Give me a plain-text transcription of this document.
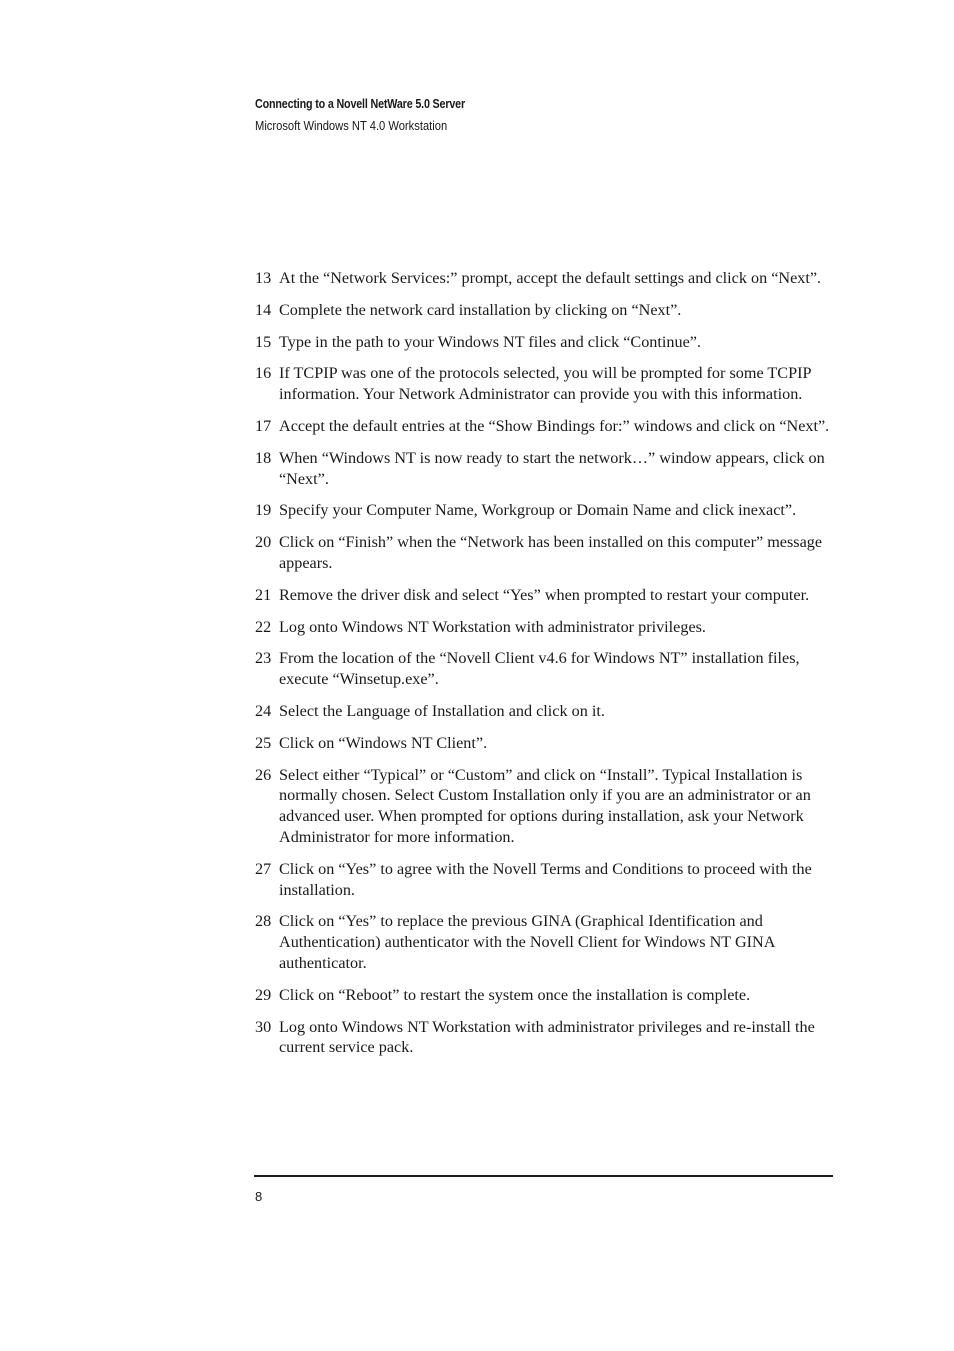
Connecting to a Novell NetWare 5.0 Server
Microsoft Windows NT 4.0 Workstation
13 At the “Network Services:” prompt, accept the default settings and click on “Next”.
14 Complete the network card installation by clicking on “Next”.
15 Type in the path to your Windows NT files and click “Continue”.
16 If TCPIP was one of the protocols selected, you will be prompted for some TCPIP information. Your Network Administrator can provide you with this information.
17 Accept the default entries at the “Show Bindings for:” windows and click on “Next”.
18 When “Windows NT is now ready to start the network…” window appears, click on “Next”.
19 Specify your Computer Name, Workgroup or Domain Name and click inexact”.
20 Click on “Finish” when the “Network has been installed on this computer” message appears.
21 Remove the driver disk and select “Yes” when prompted to restart your computer.
22 Log onto Windows NT Workstation with administrator privileges.
23 From the location of the “Novell Client v4.6 for Windows NT” installation files, execute “Winsetup.exe”.
24 Select the Language of Installation and click on it.
25 Click on “Windows NT Client”.
26 Select either “Typical” or “Custom” and click on “Install”. Typical Installation is normally chosen. Select Custom Installation only if you are an administrator or an advanced user. When prompted for options during installation, ask your Network Administrator for more information.
27 Click on “Yes” to agree with the Novell Terms and Conditions to proceed with the installation.
28 Click on “Yes” to replace the previous GINA (Graphical Identification and Authentication) authenticator with the Novell Client for Windows NT GINA authenticator.
29 Click on “Reboot” to restart the system once the installation is complete.
30 Log onto Windows NT Workstation with administrator privileges and re-install the current service pack.
8
